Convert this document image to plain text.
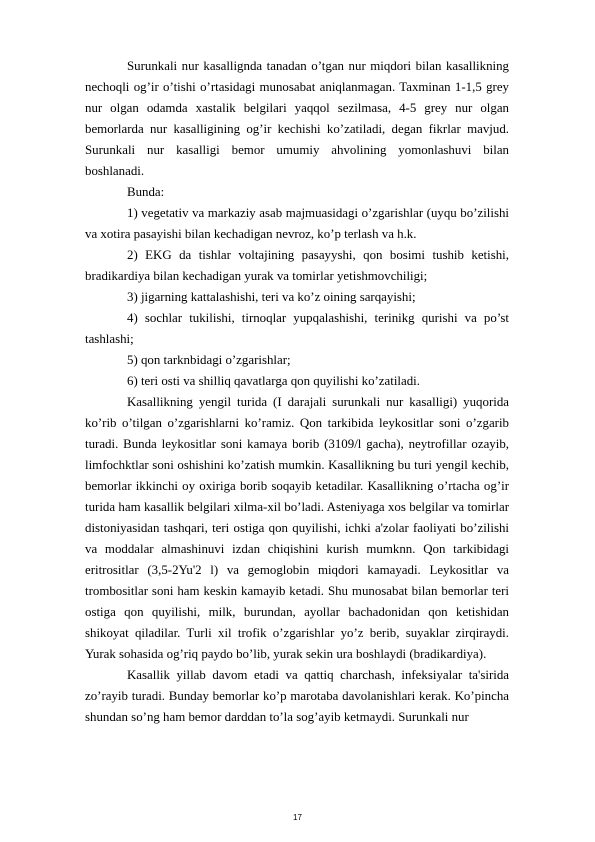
Surunkali nur kasallignda tanadan o’tgan nur miqdori bilan kasallikning nechoqli og’ir o’tishi o’rtasidagi munosabat aniqlanmagan. Taxminan 1-1,5 grey nur olgan odamda xastalik belgilari yaqqol sezilmasa, 4-5 grey nur olgan bemorlarda nur kasalligining og’ir kechishi ko’zatiladi, degan fikrlar mavjud. Surunkali nur kasalligi bemor umumiy ahvolining yomonlashuvi bilan boshlanadi.

Bunda:

1) vegetativ va markaziy asab majmuasidagi o’zgarishlar (uyqu bo’zilishi va xotira pasayishi bilan kechadigan nevroz, ko’p terlash va h.k.

2) EKG da tishlar voltajining pasayyshi, qon bosimi tushib ketishi, bradikardiya bilan kechadigan yurak va tomirlar yetishmovchiligi;

3) jigarning kattalashishi, teri va ko’z oining sarqayishi;

4) sochlar tukilishi, tirnoqlar yupqalashishi, terinikg qurishi va po’st tashlashi;

5) qon tarknbidagi o’zgarishlar;

6) teri osti va shilliq qavatlarga qon quyilishi ko’zatiladi.

Kasallikning yengil turida (I darajali surunkali nur kasalligi) yuqorida ko’rib o’tilgan o’zgarishlarni ko’ramiz. Qon tarkibida leykositlar soni o’zgarib turadi. Bunda leykositlar soni kamaya borib (3109/l gacha), neytrofillar ozayib, limfochktlar soni oshishini ko’zatish mumkin. Kasallikning bu turi yengil kechib, bemorlar ikkinchi oy oxiriga borib soqayib ketadilar. Kasallikning o’rtacha og’ir turida ham kasallik belgilari xilma-xil bo’ladi. Asteniyaga xos belgilar va tomirlar distoniyasidan tashqari, teri ostiga qon quyilishi, ichki a'zolar faoliyati bo’zilishi va moddalar almashinuvi izdan chiqishini kurish mumknn. Qon tarkibidagi eritrositlar (3,5-2Yu'2 l) va gemoglobin miqdori kamayadi. Leykositlar va trombositlar soni ham keskin kamayib ketadi. Shu munosabat bilan bemorlar teri ostiga qon quyilishi, milk, burundan, ayollar bachadonidan qon ketishidan shikoyat qiladilar. Turli xil trofik o’zgarishlar yo’z berib, suyaklar zirqiraydi. Yurak sohasida og’riq paydo bo’lib, yurak sekin ura boshlaydi (bradikardiya).

Kasallik yillab davom etadi va qattiq charchash, infeksiyalar ta'sirida zo’rayib turadi. Bunday bemorlar ko’p marotaba davolanishlari kerak. Ko’pincha shundan so’ng ham bemor darddan to’la sog’ayib ketmaydi. Surunkali nur

17
